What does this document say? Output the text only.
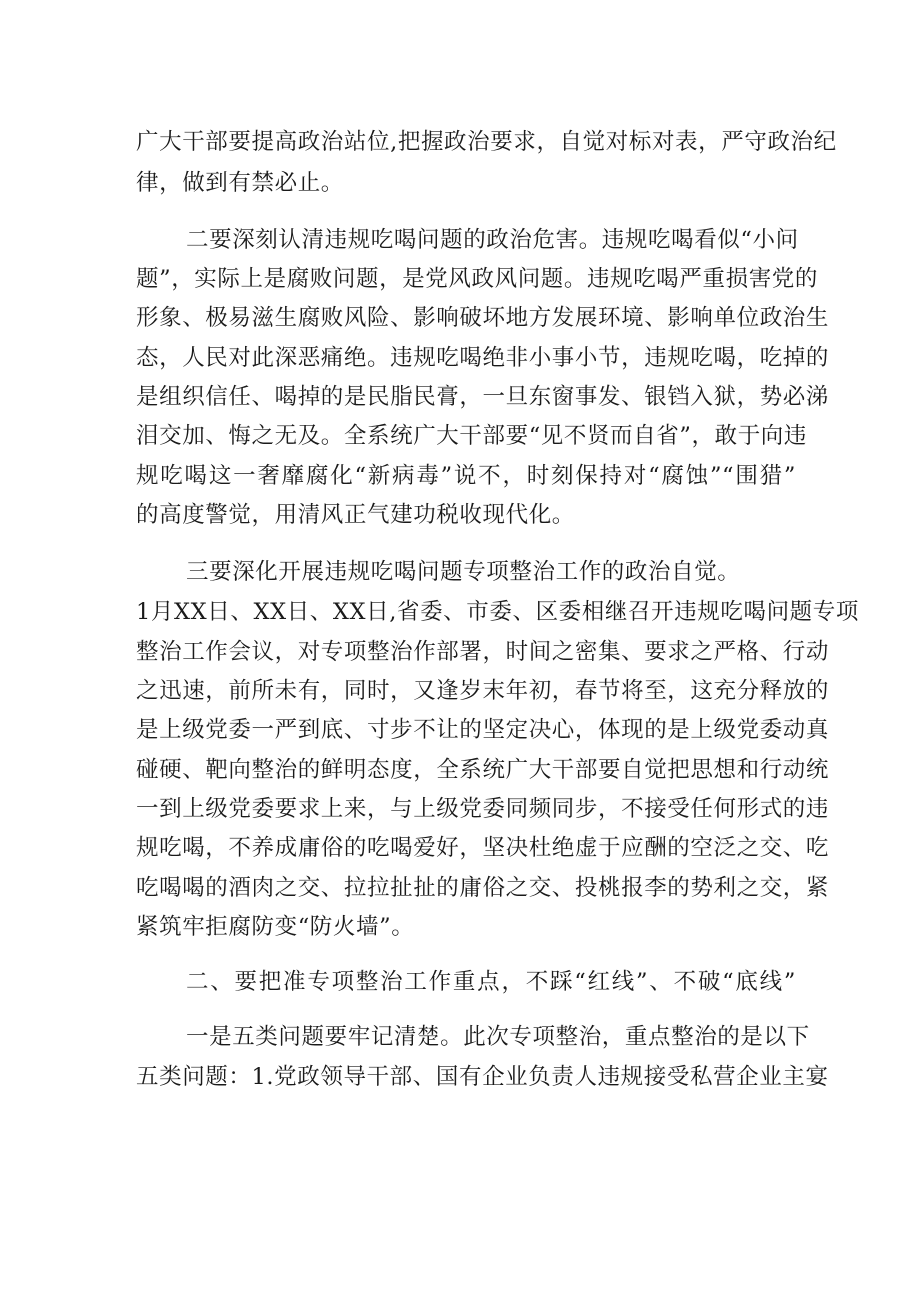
广大干部要提高政治站位,把握政治要求，自觉对标对表，严守政治纪
律，做到有禁必止。
二要深刻认清违规吃喝问题的政治危害。违规吃喝看似“小问
题”，实际上是腐败问题，是党风政风问题。违规吃喝严重损害党的
形象、极易滋生腐败风险、影响破坏地方发展环境、影响单位政治生
态，人民对此深恶痛绝。违规吃喝绝非小事小节，违规吃喝，吃掉的
是组织信任、喝掉的是民脂民膏，一旦东窗事发、银铛入狱，势必涕
泪交加、悔之无及。全系统广大干部要“见不贤而自省”，敢于向违
规吃喝这一奢靡腐化“新病毒”说不，时刻保持对“腐蚀”“围猎”
的高度警觉，用清风正气建功税收现代化。
三要深化开展违规吃喝问题专项整治工作的政治自觉。
1月XX日、XX日、XX日,省委、市委、区委相继召开违规吃喝问题专项
整治工作会议，对专项整治作部署，时间之密集、要求之严格、行动
之迅速，前所未有，同时，又逢岁末年初，春节将至，这充分释放的
是上级党委一严到底、寸步不让的坚定决心，体现的是上级党委动真
碰硬、靶向整治的鲜明态度，全系统广大干部要自觉把思想和行动统
一到上级党委要求上来，与上级党委同频同步，不接受任何形式的违
规吃喝，不养成庸俗的吃喝爱好，坚决杜绝虚于应酬的空泛之交、吃
吃喝喝的酒肉之交、拉拉扯扯的庸俗之交、投桃报李的势利之交，紧
紧筑牢拒腐防变“防火墙”。
二、要把准专项整治工作重点，不踩“红线”、不破“底线”
一是五类问题要牢记清楚。此次专项整治，重点整治的是以下
五类问题：1.党政领导干部、国有企业负责人违规接受私营企业主宴
